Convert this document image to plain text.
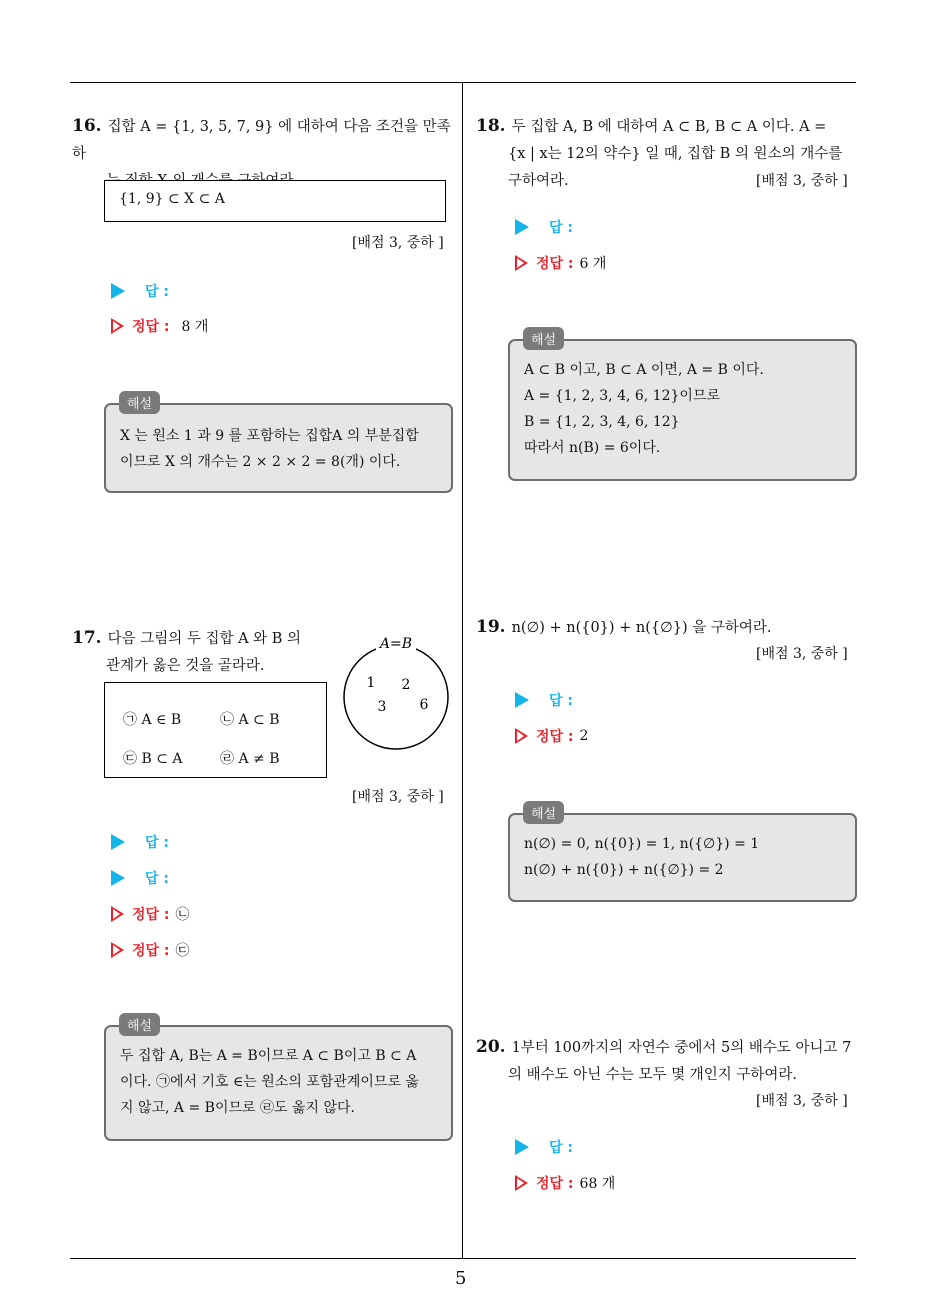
5
16. 집합 A = {1, 3, 5, 7, 9} 에 대하여 다음 조건을 만족하
{1, 9} ⊂ X ⊂ A
[배점 3, 중하 ]
답 :
정답 : 8 개
X 는 원소 1 과 9 를 포함하는 집합A 의 부분집합
이므로 X 의 개수는 2 × 2 × 2 = 8(개) 이다.
해설
17. 다음 그림의 두 집합 A 와 B 의
관계가 옳은 것을 골라라.
A=B
1 2
3 6
㉠ A ∈ B	㉡ A ⊂ B
㉢ B ⊂ A	㉣ A ≠ B
[배점 3, 중하 ]
답 :
답 :
정답 : ㉡
정답 : ㉢
두 집합 A, B는 A = B이므로 A ⊂ B이고 B ⊂ A
이다. ㉠에서 기호 ∈는 원소의 포함관계이므로 옳
지 않고, A = B이므로 ㉣도 옳지 않다.
해설
18. 두 집합 A, B 에 대하여 A ⊂ B, B ⊂ A 이다. A =
{x | x는 12의 약수} 일 때, 집합 B 의 원소의 개수를
구하여라.	[배점 3, 중하 ]
답 :
정답 : 6 개
A ⊂ B 이고, B ⊂ A 이면, A = B 이다.
A = {1, 2, 3, 4, 6, 12}이므로
B = {1, 2, 3, 4, 6, 12}
따라서 n(B) = 6이다.
해설
19. n(∅) + n({0}) + n({∅}) 을 구하여라.
[배점 3, 중하 ]
답 :
정답 : 2
n(∅) = 0, n({0}) = 1, n({∅}) = 1
n(∅) + n({0}) + n({∅}) = 2
해설
20. 1부터 100까지의 자연수 중에서 5의 배수도 아니고 7
의 배수도 아닌 수는 모두 몇 개인지 구하여라.
[배점 3, 중하 ]
답 :
정답 : 68 개
